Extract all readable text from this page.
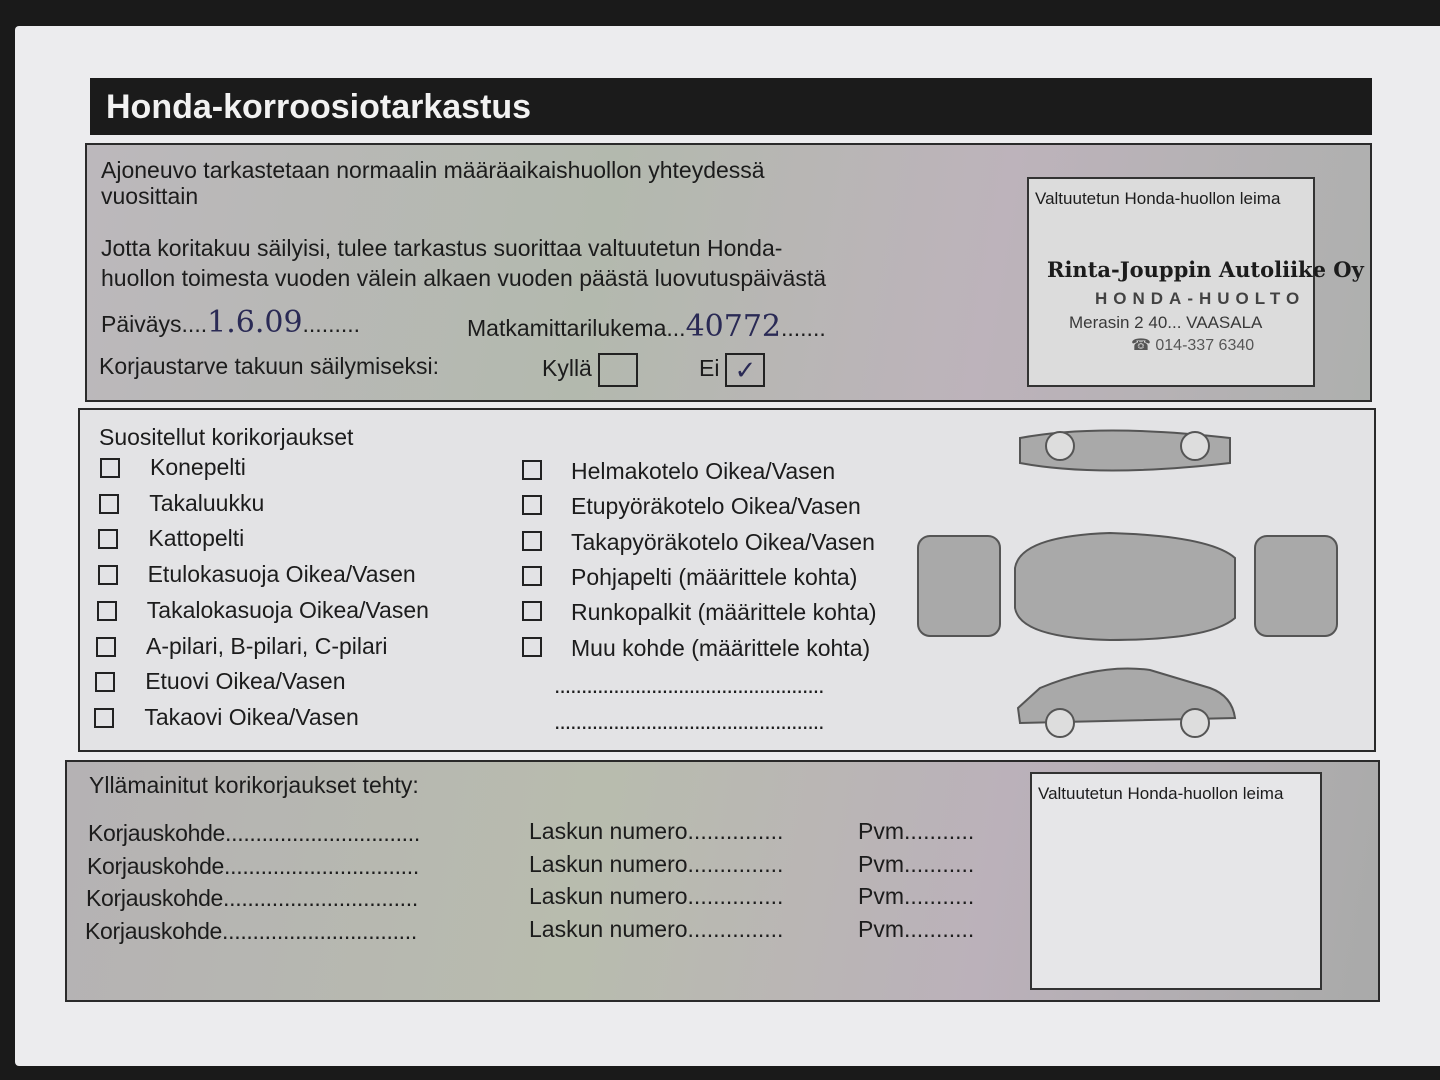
Honda-korroosiotarkastus
Ajoneuvo tarkastetaan normaalin määräaikaishuollon yhteydessä
vuosittain
Jotta koritakuu säilyisi, tulee tarkastus suorittaa valtuutetun Honda-
huollon toimesta vuoden välein alkaen vuoden päästä luovutuspäivästä
Päiväys....1.6.09.........	Matkamittarilukema...40772.......
Korjaustarve takuun säilymiseksi:	Kyllä	Ei ✓
Valtuutetun Honda-huollon leima
Rinta-Jouppin Autoliike Oy
HONDA-HUOLTO
Merasin 2 40... VAASALA
☎ 014-337 6340
Suositellut korikorjaukset
Konepelti
Takaluukku
Kattopelti
Etulokasuoja Oikea/Vasen
Takalokasuoja Oikea/Vasen
A-pilari, B-pilari, C-pilari
Etuovi Oikea/Vasen
Takaovi Oikea/Vasen
Helmakotelo Oikea/Vasen
Etupyöräkotelo Oikea/Vasen
Takapyöräkotelo Oikea/Vasen
Pohjapelti (määrittele kohta)
Runkopalkit (määrittele kohta)
Muu kohde (määrittele kohta)
..................................................
..................................................
Yllämainitut korikorjaukset tehty:
Korjauskohde................................	Laskun numero...............	Pvm...........
Korjauskohde................................	Laskun numero...............	Pvm...........
Korjauskohde................................	Laskun numero...............	Pvm...........
Korjauskohde................................	Laskun numero...............	Pvm...........
Valtuutetun Honda-huollon leima
